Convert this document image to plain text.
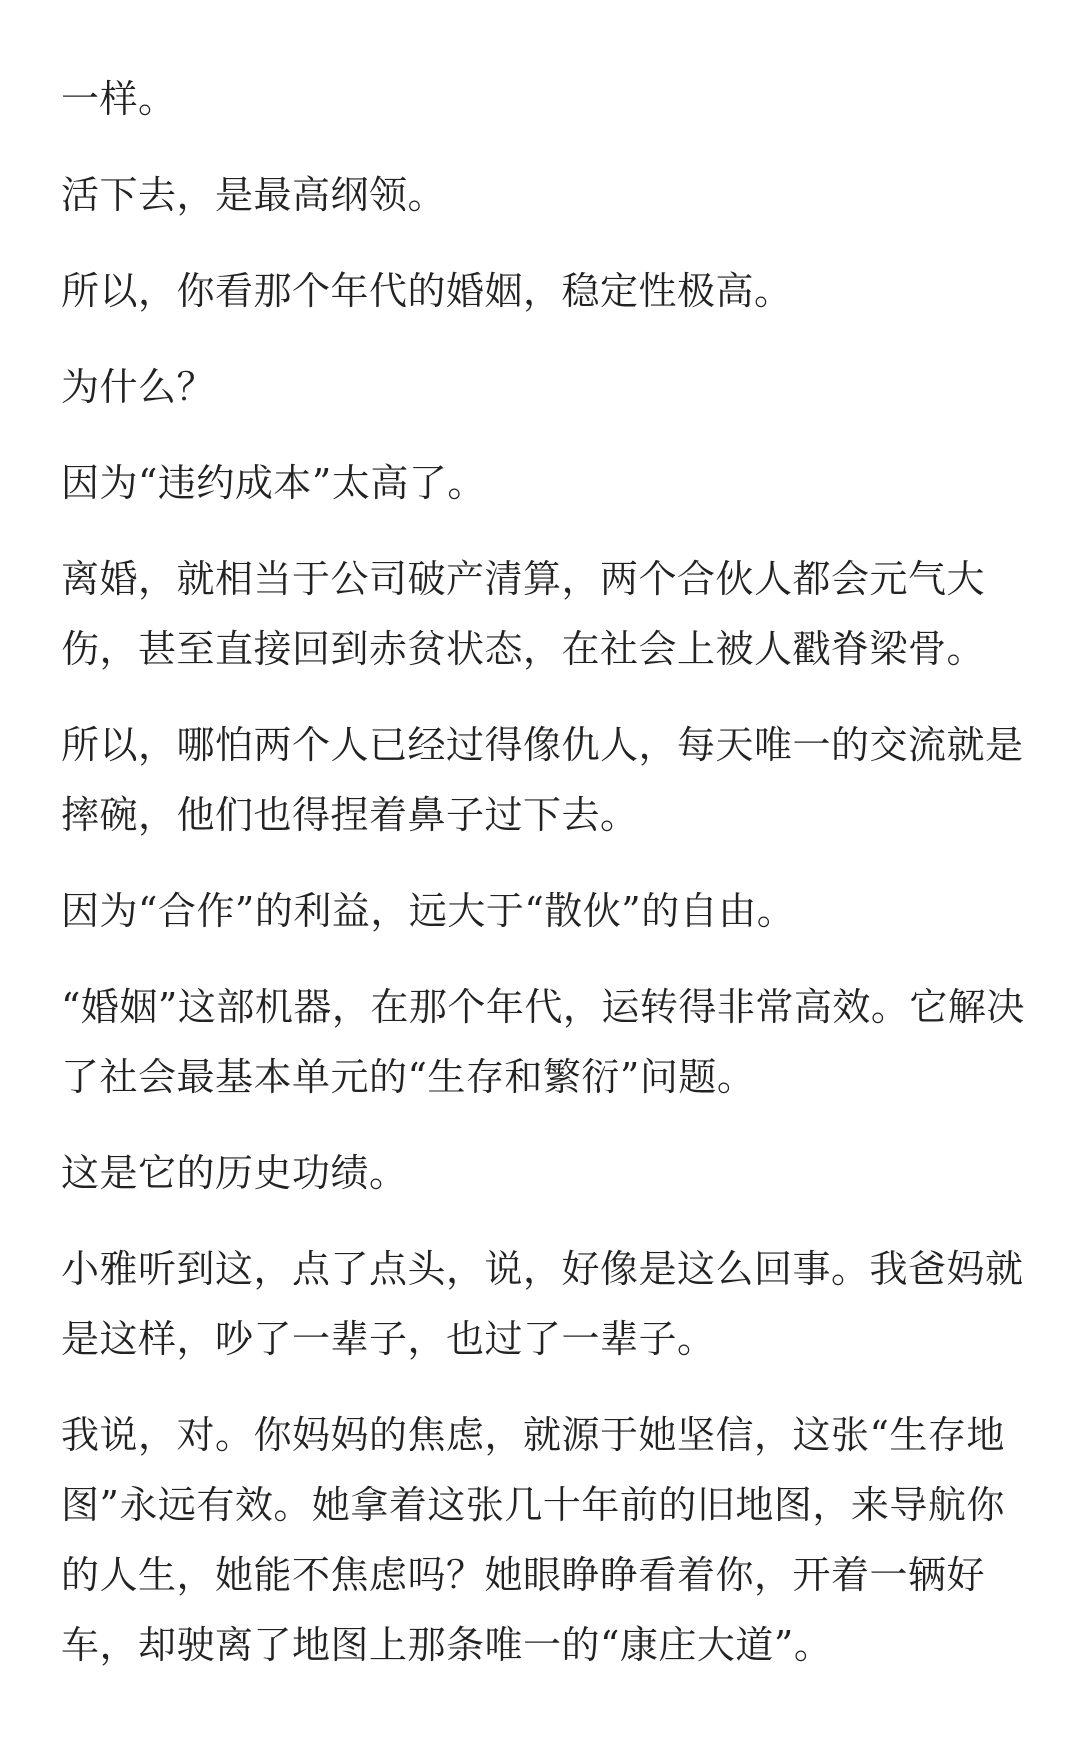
一样。

活下去，是最高纲领。

所以，你看那个年代的婚姻，稳定性极高。

为什么？

因为“违约成本”太高了。

离婚，就相当于公司破产清算，两个合伙人都会元气大伤，甚至直接回到赤贫状态，在社会上被人戳脊梁骨。

所以，哪怕两个人已经过得像仇人，每天唯一的交流就是摔碗，他们也得捏着鼻子过下去。

因为“合作”的利益，远大于“散伙”的自由。

“婚姻”这部机器，在那个年代，运转得非常高效。它解决了社会最基本单元的“生存和繁衍”问题。

这是它的历史功绩。

小雅听到这，点了点头，说，好像是这么回事。我爸妈就是这样，吵了一辈子，也过了一辈子。

我说，对。你妈妈的焦虑，就源于她坚信，这张“生存地图”永远有效。她拿着这张几十年前的旧地图，来导航你的人生，她能不焦虑吗？她眼睁睁看着你，开着一辆好车，却驶离了地图上那条唯一的“康庄大道”。
